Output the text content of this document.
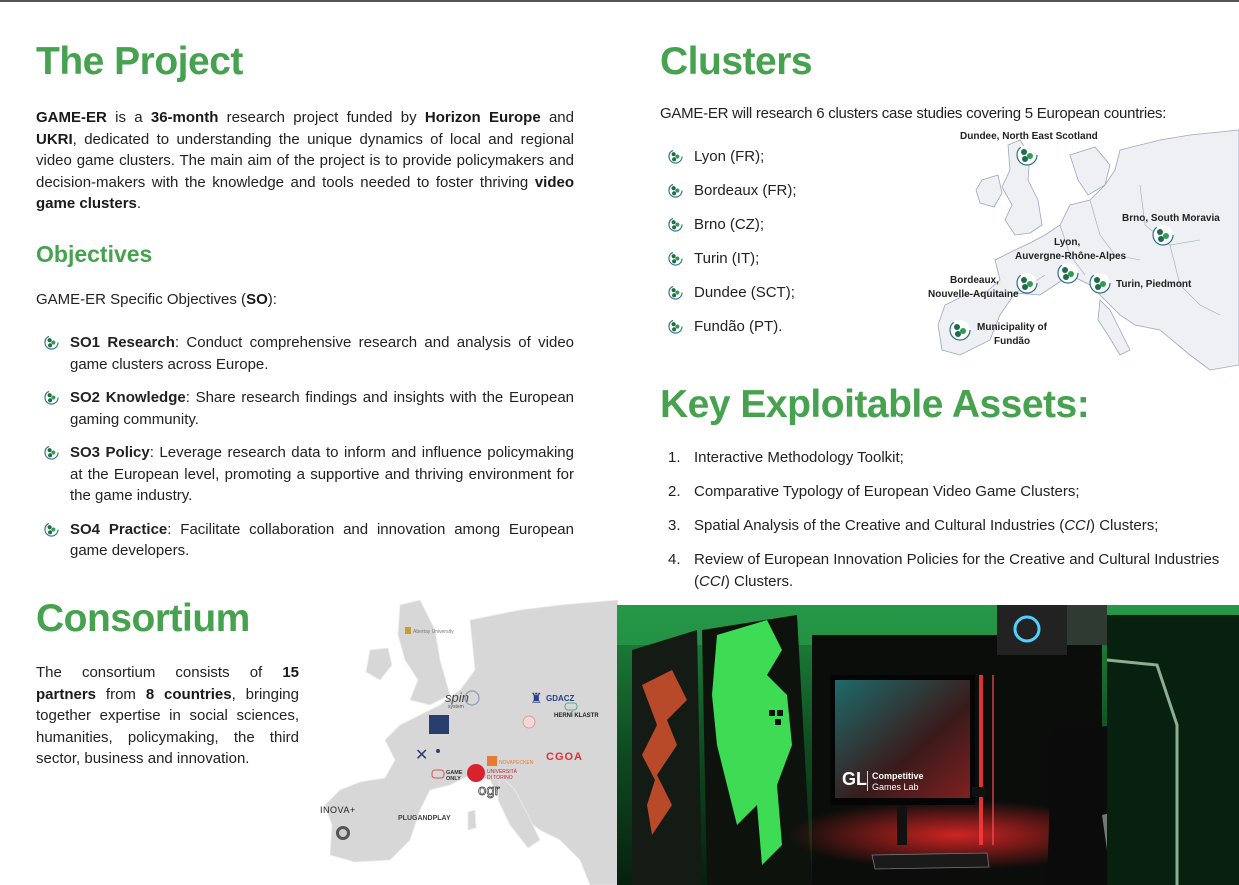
The Project

GAME-ER is a 36-month research project funded by Horizon Europe and UKRI, dedicated to understanding the unique dynamics of local and regional video game clusters. The main aim of the project is to provide policymakers and decision-makers with the knowledge and tools needed to foster thriving video game clusters.

Objectives

GAME-ER Specific Objectives (SO):

SO1 Research: Conduct comprehensive research and analysis of video game clusters across Europe.
SO2 Knowledge: Share research findings and insights with the European gaming community.
SO3 Policy: Leverage research data to inform and influence policymaking at the European level, promoting a supportive and thriving environment for the game industry.
SO4 Practice: Facilitate collaboration and innovation among European game developers.
Clusters

GAME-ER will research 6 clusters case studies covering 5 European countries:

Lyon (FR);
Bordeaux (FR);
Brno (CZ);
Turin (IT);
Dundee (SCT);
Fundão (PT).
Dundee, North East Scotland
Brno, South Moravia
Lyon,
Auvergne-Rhône-Alpes
Bordeaux,
Nouvelle-Aquitaine
Turin, Piedmont
Municipality of
Fundão
Key Exploitable Assets:
1. Interactive Methodology Toolkit;
2. Comparative Typology of European Video Game Clusters;
3. Spatial Analysis of the Creative and Cultural Industries (CCI) Clusters;
4. Review of European Innovation Policies for the Creative and Cultural Industries (CCI) Clusters.
Consortium

The consortium consists of 15 partners from 8 countries, bringing together expertise in social sciences, humanities, policymaking, the third sector, business and innovation.

Abertay University
spin
system
✕
♜ GDACZ
HERNÍ KLASTR
CGOA
NOVAPECKEN
UNIVERSITÀ
DI TORINO
GAME
ONLY
ogr
INOVA+
PLUGANDPLAY
GL Competitive
Games Lab
